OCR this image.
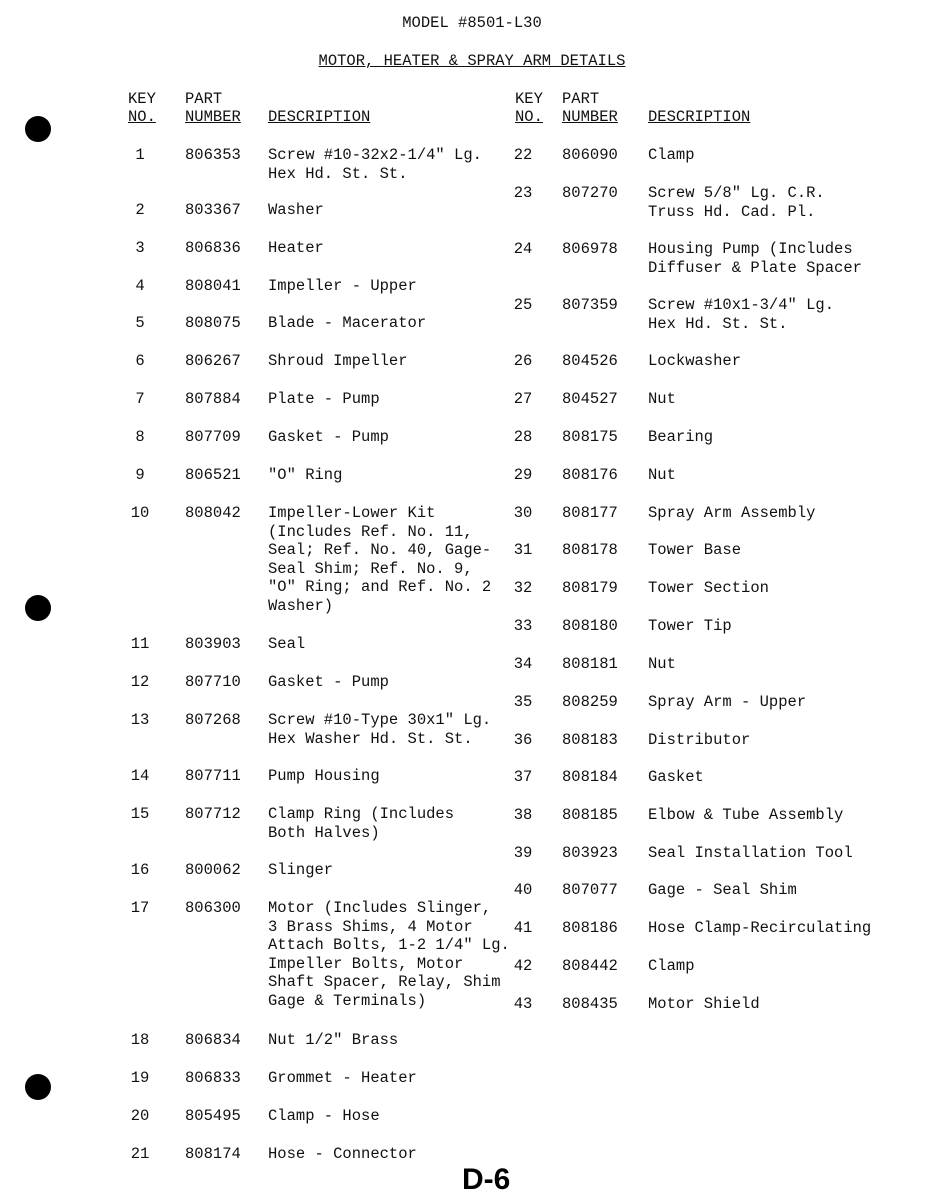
MODEL #8501-L30
MOTOR, HEATER & SPRAY ARM DETAILS
KEY
NO.
PART
NUMBER DESCRIPTION
KEY
NO.
PART
NUMBER DESCRIPTION
1	806353 Screw #10-32x2-1/4" Lg.
Hex Hd. St. St.
2	803367 Washer
3	806836 Heater
4	808041 Impeller - Upper
5	808075 Blade - Macerator
6	806267 Shroud Impeller
7	807884 Plate - Pump
8	807709 Gasket - Pump
9	806521 "O" Ring
10	808042 Impeller-Lower Kit
(Includes Ref. No. 11,
Seal; Ref. No. 40, Gage-
Seal Shim; Ref. No. 9,
"O" Ring; and Ref. No. 2
Washer)
11	803903 Seal
12	807710 Gasket - Pump
13	807268 Screw #10-Type 30x1" Lg.
Hex Washer Hd. St. St.
14	807711 Pump Housing
15	807712 Clamp Ring (Includes
Both Halves)
16	800062 Slinger
17	806300 Motor (Includes Slinger,
3 Brass Shims, 4 Motor
Attach Bolts, 1-2 1/4" Lg.
Impeller Bolts, Motor
Shaft Spacer, Relay, Shim
Gage & Terminals)
18	806834 Nut 1/2" Brass
19	806833 Grommet - Heater
20	805495 Clamp - Hose
21	808174 Hose - Connector
22	806090 Clamp
23	807270 Screw 5/8" Lg. C.R.
Truss Hd. Cad. Pl.
24	806978 Housing Pump (Includes
Diffuser & Plate Spacer
25	807359 Screw #10x1-3/4" Lg.
Hex Hd. St. St.
26	804526 Lockwasher
27	804527 Nut
28	808175 Bearing
29	808176 Nut
30	808177 Spray Arm Assembly
31	808178 Tower Base
32	808179 Tower Section
33	808180 Tower Tip
34	808181 Nut
35	808259 Spray Arm - Upper
36	808183 Distributor
37	808184 Gasket
38	808185 Elbow & Tube Assembly
39	803923 Seal Installation Tool
40	807077 Gage - Seal Shim
41	808186 Hose Clamp-Recirculating
42	808442 Clamp
43	808435 Motor Shield
D-6
